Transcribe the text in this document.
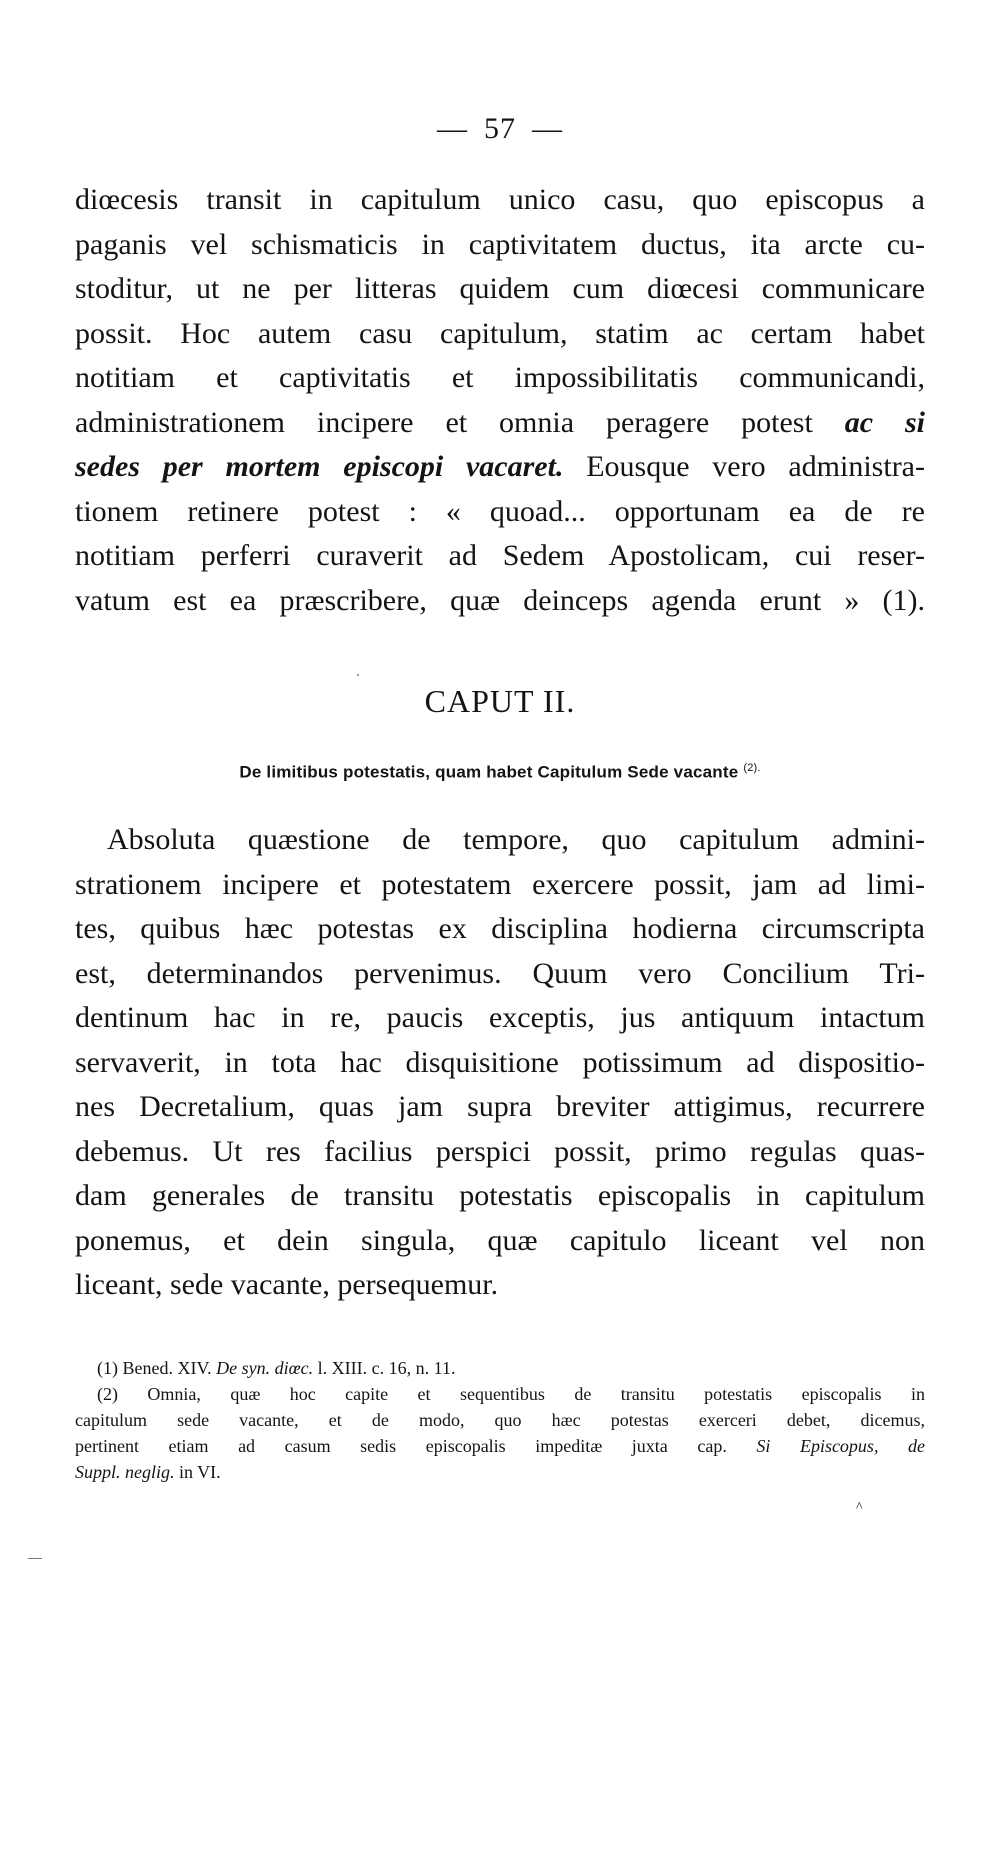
— 57 —
diœcesis transit in capitulum unico casu, quo episcopus a
paganis vel schismaticis in captivitatem ductus, ita arcte cu-
stoditur, ut ne per litteras quidem cum diœcesi communicare
possit. Hoc autem casu capitulum, statim ac certam habet
notitiam et captivitatis et impossibilitatis communicandi,
administrationem incipere et omnia peragere potest ac si
sedes per mortem episcopi vacaret. Eousque vero administra-
tionem retinere potest : « quoad... opportunam ea de re
notitiam perferri curaverit ad Sedem Apostolicam, cui reser-
vatum est ea præscribere, quæ deinceps agenda erunt » (1).
CAPUT II.
De limitibus potestatis, quam habet Capitulum Sede vacante $^{(2).}$
Absoluta quæstione de tempore, quo capitulum admini-
strationem incipere et potestatem exercere possit, jam ad limi-
tes, quibus hæc potestas ex disciplina hodierna circumscripta
est, determinandos pervenimus. Quum vero Concilium Tri-
dentinum hac in re, paucis exceptis, jus antiquum intactum
servaverit, in tota hac disquisitione potissimum ad dispositio-
nes Decretalium, quas jam supra breviter attigimus, recurrere
debemus. Ut res facilius perspici possit, primo regulas quas-
dam generales de transitu potestatis episcopalis in capitulum
ponemus, et dein singula, quæ capitulo liceant vel non
liceant, sede vacante, persequemur.
(1) Bened. XIV. De syn. diœc. l. XIII. c. 16, n. 11.
(2) Omnia, quæ hoc capite et sequentibus de transitu potestatis episcopalis in
capitulum sede vacante, et de modo, quo hæc potestas exerceri debet, dicemus,
pertinent etiam ad casum sedis episcopalis impeditæ juxta cap. Si Episcopus, de
Suppl. neglig. in VI.
^
